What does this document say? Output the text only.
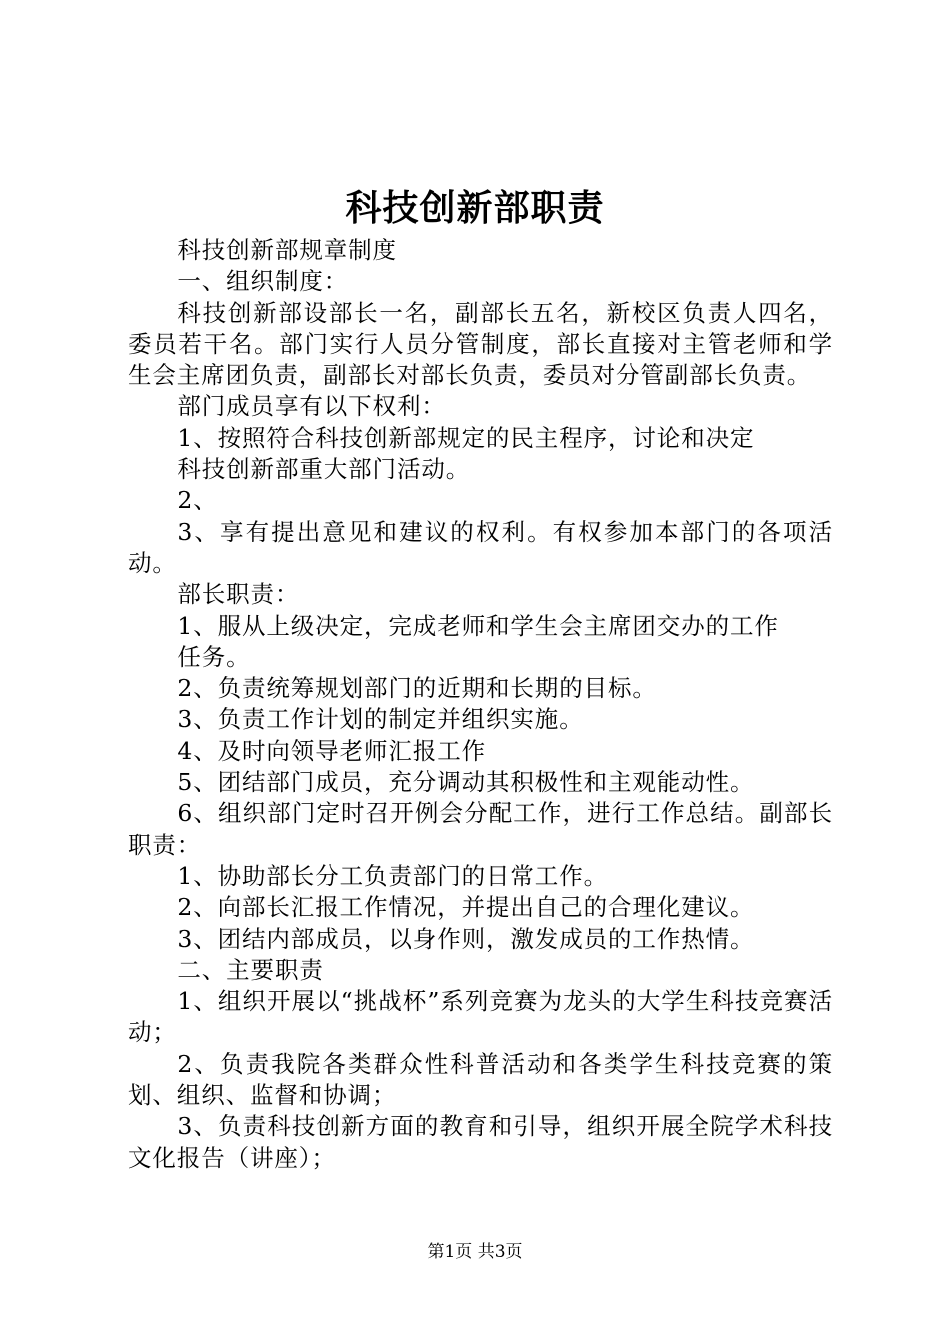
科技创新部职责

科技创新部规章制度

一、组织制度：

科技创新部设部长一名，副部长五名，新校区负责人四名，委员若干名。部门实行人员分管制度，部长直接对主管老师和学生会主席团负责，副部长对部长负责，委员对分管副部长负责。

部门成员享有以下权利：

1、按照符合科技创新部规定的民主程序，讨论和决定

科技创新部重大部门活动。

2、

3、享有提出意见和建议的权利。有权参加本部门的各项活动。

部长职责：

1、服从上级决定，完成老师和学生会主席团交办的工作

任务。

2、负责统筹规划部门的近期和长期的目标。

3、负责工作计划的制定并组织实施。

4、及时向领导老师汇报工作

5、团结部门成员，充分调动其积极性和主观能动性。

6、组织部门定时召开例会分配工作，进行工作总结。副部长职责：

1、协助部长分工负责部门的日常工作。

2、向部长汇报工作情况，并提出自己的合理化建议。

3、团结内部成员，以身作则，激发成员的工作热情。

二、主要职责

1、组织开展以“挑战杯”系列竞赛为龙头的大学生科技竞赛活动；

2、负责我院各类群众性科普活动和各类学生科技竞赛的策划、组织、监督和协调；

3、负责科技创新方面的教育和引导，组织开展全院学术科技文化报告（讲座）；

第1页 共3页
